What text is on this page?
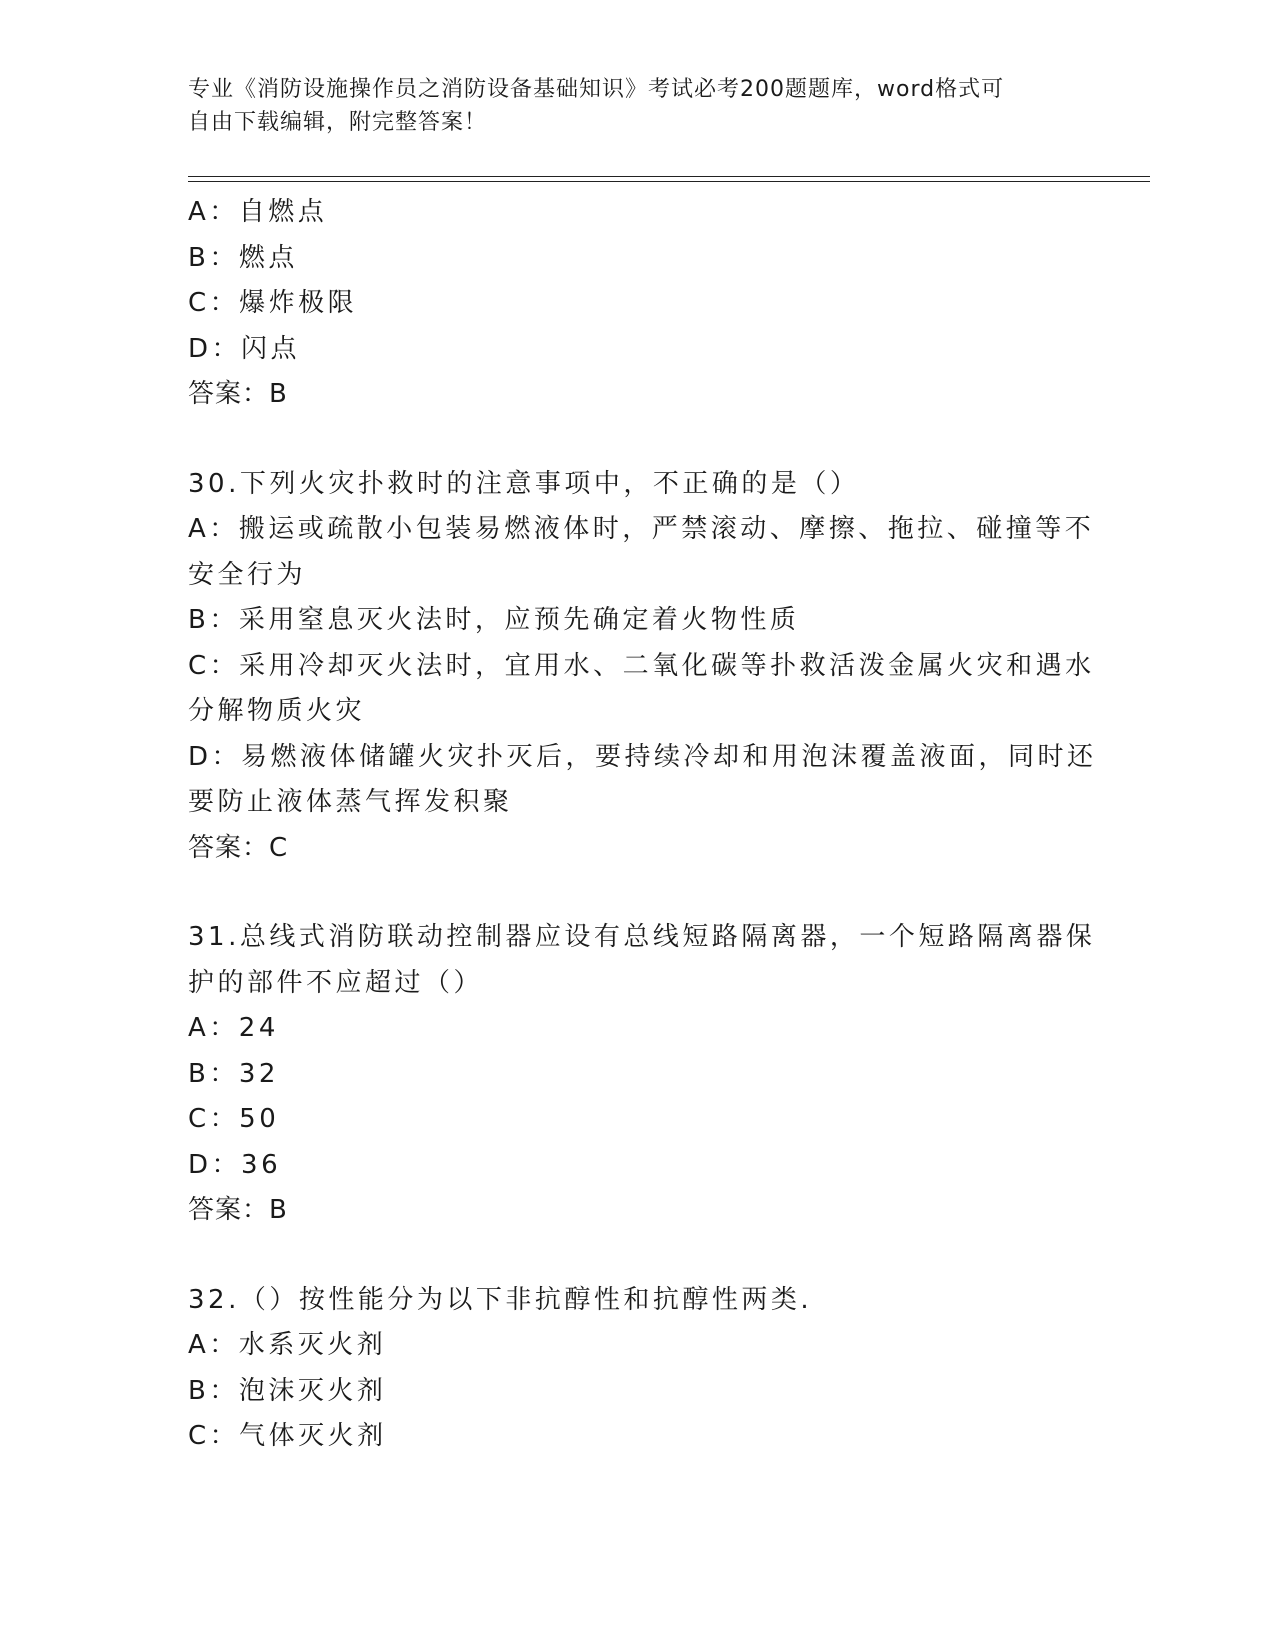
专业《消防设施操作员之消防设备基础知识》考试必考200题题库，word格式可
自由下载编辑，附完整答案！
A：自燃点
B：燃点
C：爆炸极限
D：闪点
答案：B
30.下列火灾扑救时的注意事项中，不正确的是（）
A：搬运或疏散小包装易燃液体时，严禁滚动、摩擦、拖拉、碰撞等不
安全行为
B：采用窒息灭火法时，应预先确定着火物性质
C：采用冷却灭火法时，宜用水、二氧化碳等扑救活泼金属火灾和遇水
分解物质火灾
D：易燃液体储罐火灾扑灭后，要持续冷却和用泡沫覆盖液面，同时还
要防止液体蒸气挥发积聚
答案：C
31.总线式消防联动控制器应设有总线短路隔离器，一个短路隔离器保
护的部件不应超过（）
A：24
B：32
C：50
D：36
答案：B
32.（）按性能分为以下非抗醇性和抗醇性两类.
A：水系灭火剂
B：泡沫灭火剂
C：气体灭火剂
